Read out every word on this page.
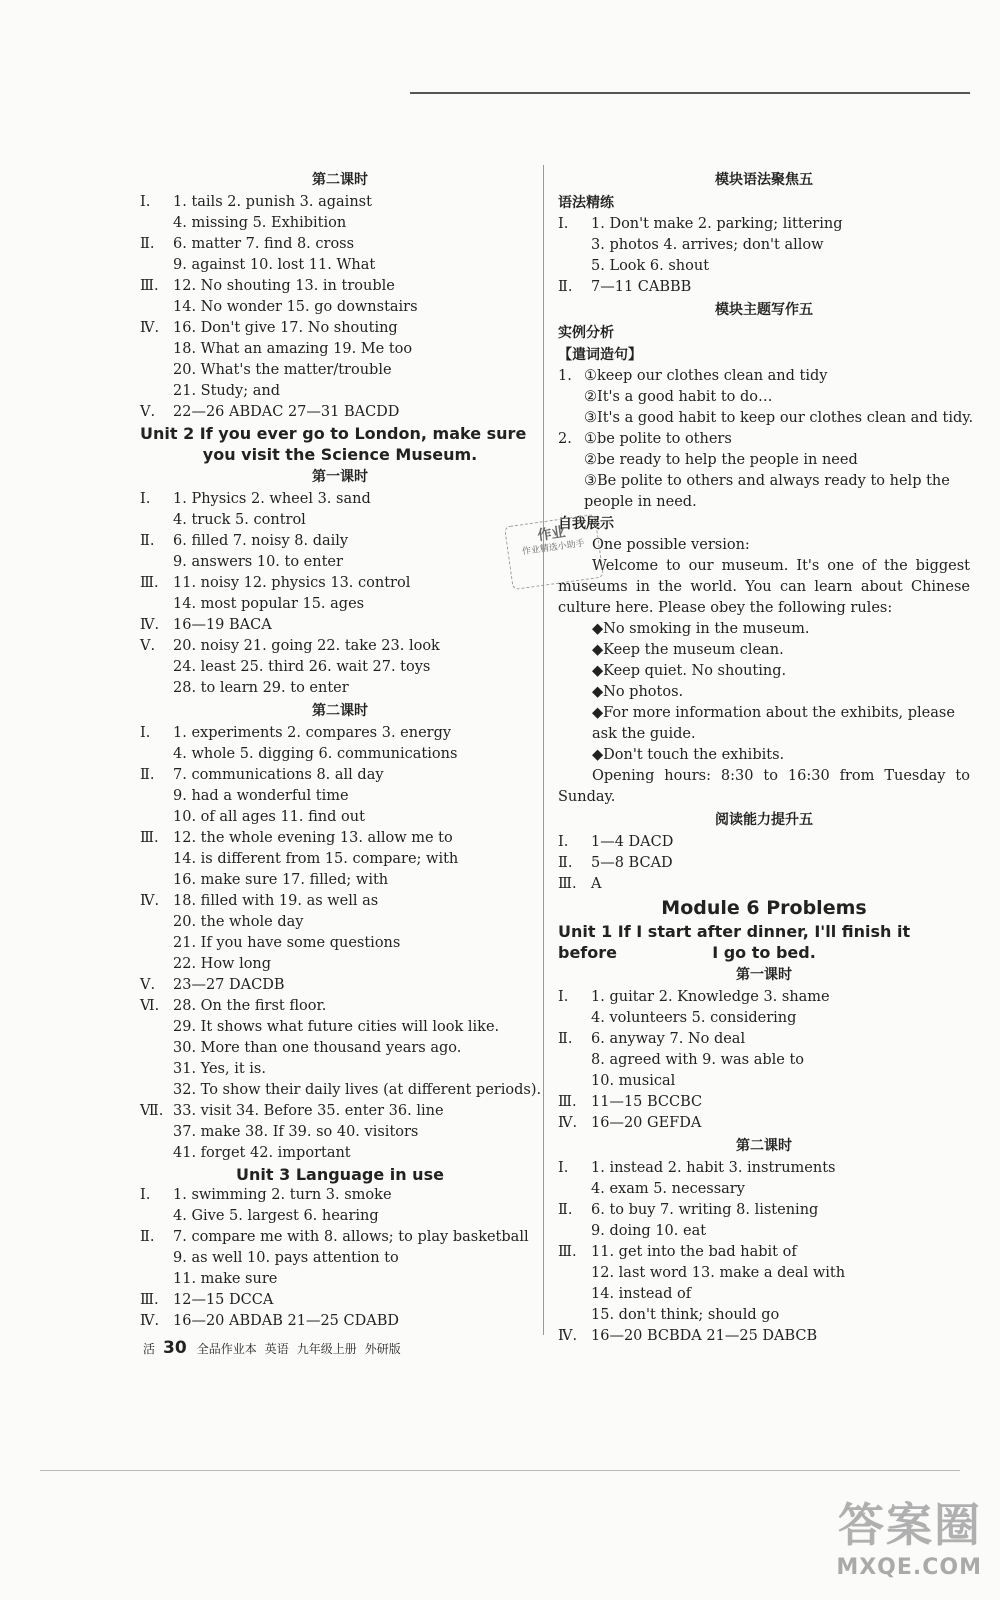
第二课时
Ⅰ. 1. tails 2. punish 3. against
4. missing 5. Exhibition
Ⅱ. 6. matter 7. find 8. cross
9. against 10. lost 11. What
Ⅲ. 12. No shouting 13. in trouble
14. No wonder 15. go downstairs
Ⅳ. 16. Don't give 17. No shouting
18. What an amazing 19. Me too
20. What's the matter/trouble
21. Study; and
Ⅴ. 22—26 ABDAC 27—31 BACDD
Unit 2 If you ever go to London, make sure
you visit the Science Museum.
第一课时
Ⅰ. 1. Physics 2. wheel 3. sand
4. truck 5. control
Ⅱ. 6. filled 7. noisy 8. daily
9. answers 10. to enter
Ⅲ. 11. noisy 12. physics 13. control
14. most popular 15. ages
Ⅳ. 16—19 BACA
Ⅴ. 20. noisy 21. going 22. take 23. look
24. least 25. third 26. wait 27. toys
28. to learn 29. to enter
第二课时
Ⅰ. 1. experiments 2. compares 3. energy
4. whole 5. digging 6. communications
Ⅱ. 7. communications 8. all day
9. had a wonderful time
10. of all ages 11. find out
Ⅲ. 12. the whole evening 13. allow me to
14. is different from 15. compare; with
16. make sure 17. filled; with
Ⅳ. 18. filled with 19. as well as
20. the whole day
21. If you have some questions
22. How long
Ⅴ. 23—27 DACDB
Ⅵ. 28. On the first floor.
29. It shows what future cities will look like.
30. More than one thousand years ago.
31. Yes, it is.
32. To show their daily lives (at different periods).
Ⅶ. 33. visit 34. Before 35. enter 36. line
37. make 38. If 39. so 40. visitors
41. forget 42. important
Unit 3 Language in use
Ⅰ. 1. swimming 2. turn 3. smoke
4. Give 5. largest 6. hearing
Ⅱ. 7. compare me with 8. allows; to play basketball
9. as well 10. pays attention to
11. make sure
Ⅲ. 12—15 DCCA
Ⅳ. 16—20 ABDAB 21—25 CDABD
模块语法聚焦五
语法精练
Ⅰ. 1. Don't make 2. parking; littering
3. photos 4. arrives; don't allow
5. Look 6. shout
Ⅱ. 7—11 CABBB
模块主题写作五
实例分析
【遣词造句】
1. ①keep our clothes clean and tidy
②It's a good habit to do…
③It's a good habit to keep our clothes clean and tidy.
2. ①be polite to others
②be ready to help the people in need
③Be polite to others and always ready to help the people in need.
自我展示
One possible version:
Welcome to our museum. It's one of the biggest museums in the world. You can learn about Chinese culture here. Please obey the following rules:
◆No smoking in the museum.
◆Keep the museum clean.
◆Keep quiet. No shouting.
◆No photos.
◆For more information about the exhibits, please ask the guide.
◆Don't touch the exhibits.
Opening hours: 8:30 to 16:30 from Tuesday to Sunday.
阅读能力提升五
Ⅰ. 1—4 DACD
Ⅱ. 5—8 BCAD
Ⅲ. A
Module 6 Problems
Unit 1 If I start after dinner, I'll finish it before	I go to bed.
第一课时
Ⅰ. 1. guitar 2. Knowledge 3. shame
4. volunteers 5. considering
Ⅱ. 6. anyway 7. No deal
8. agreed with 9. was able to
10. musical
Ⅲ. 11—15 BCCBC
Ⅳ. 16—20 GEFDA
第二课时
Ⅰ. 1. instead 2. habit 3. instruments
4. exam 5. necessary
Ⅱ. 6. to buy 7. writing 8. listening
9. doing 10. eat
Ⅲ. 11. get into the bad habit of
12. last word 13. make a deal with
14. instead of
15. don't think; should go
Ⅳ. 16—20 BCBDA 21—25 DABCB
作业
作业精选小助手
活 30 全品作业本 英语 九年级上册 外研版
答案圈
MXQE.COM
